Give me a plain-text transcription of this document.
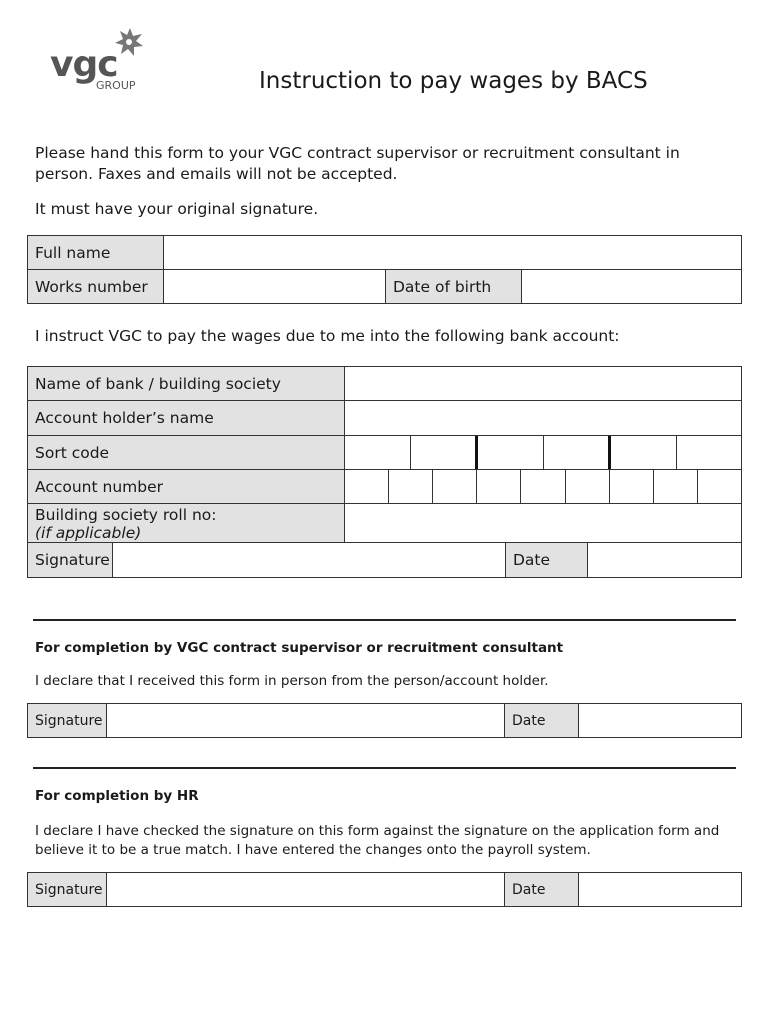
vgc
GROUP	Instruction to pay wages by BACS
Please hand this form to your VGC contract supervisor or recruitment consultant in person. Faxes and emails will not be accepted.
It must have your original signature.
Full name			
Works number		Date of birth	
I instruct VGC to pay the wages due to me into the following bank account:
Name of bank / building society	
Account holder’s name	
Sort code	

Account number	

Building society roll no:
(if applicable)	

Signature		Date	
For completion by VGC contract supervisor or recruitment consultant
I declare that I received this form in person from the person/account holder.
Signature		Date	
For completion by HR
I declare I have checked the signature on this form against the signature on the application form and believe it to be a true match. I have entered the changes onto the payroll system.
Signature		Date	
